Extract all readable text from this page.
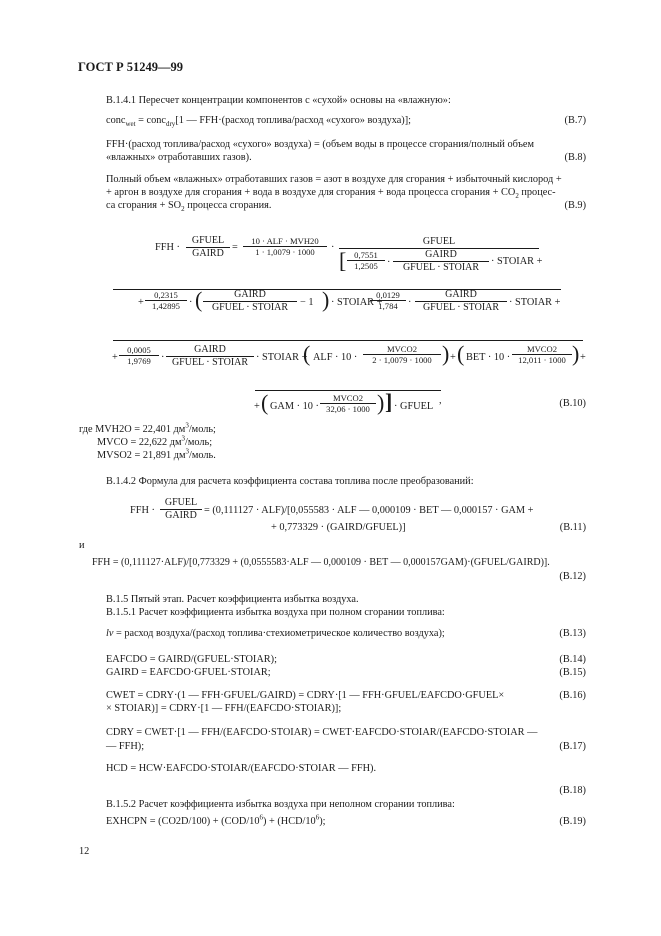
ГОСТ Р 51249—99
В.1.4.1 Пересчет концентрации компонентов с «сухой» основы на «влажную»:
conc$_{wet}$ = conc$_{dry}$[1 — FFH·(расход топлива/расход «сухого» воздуха)];	(В.7)
FFH·(расход топлива/расход «сухого» воздуха) = (объем воды в процессе сгорания/полный объем
«влажных» отработавших газов).	(В.8)
Полный объем «влажных» отработавших газов = азот в воздухе для сгорания + избыточный кислород +
+ аргон в воздухе для сгорания + вода в воздухе для сгорания + вода процесса сгорания + $CO_2$ процес-
са сгорания + $SO_2$ процесса сгорания.	(В.9)
FFH ·
GFUEL
GAIRD
=
10 · ALF · MVH20
1 · 1,0079 · 1000	·
GFUEL
[ $\frac{0,7551}{1,2505}$ ·
GAIRD
GFUEL · STOIAR
· STOIAR +
+ $\frac{0,2315}{1,42895}$ · (	GAIRD
GFUEL · STOIAR	− 1 ) · STOIAR +
$\frac{0,0129}{1,784}$ ·
GAIRD
GFUEL · STOIAR · STOIAR +
+ $\frac{0,0005}{1,9769}$ ·
GAIRD
GFUEL · STOIAR · STOIAR +
( ALF · 10 ·
MVCO2
2 · 1,0079 · 1000 ) + ( BET · 10 ·
MVCO2
12,011 · 1000 ) +
+ ( GAM · 10 ·
MVCO2
32,06 · 1000 ) ] · GFUEL
,	(В.10)
где MVH2O = 22,401 $дм^3$/моль;
MVCO = 22,622 $дм^3$/моль;
MVSO2 = 21,891 $дм^3$/моль.
В.1.4.2 Формула для расчета коэффициента состава топлива после преобразований:
FFH ·
GFUEL
GAIRD = (0,111127 · ALF)/[0,055583 · ALF — 0,000109 · BET — 0,000157 · GAM +
+ 0,773329 · (GAIRD/GFUEL)]	(В.11)
и
FFH = (0,111127·ALF)/[0,773329 + (0,0555583·ALF — 0,000109 · BET — 0,000157GAM)·(GFUEL/GAIRD)].
(В.12)
В.1.5 Пятый этап. Расчет коэффициента избытка воздуха.
В.1.5.1 Расчет коэффициента избытка воздуха при полном сгорании топлива:
lv = расход воздуха/(расход топлива·стехиометрическое количество воздуха);	(В.13)
EAFCDO = GAIRD/(GFUEL·STOIAR);	(В.14)
GAIRD = EAFCDO·GFUEL·STOIAR;	(В.15)
CWET = CDRY·(1 — FFH·GFUEL/GAIRD) = CDRY·[1 — FFH·GFUEL/EAFCDO·GFUEL×	(В.16)
× STOIAR)] = CDRY·[1 — FFH/(EAFCDO·STOIAR)];
CDRY = CWET·[1 — FFH/(EAFCDO·STOIAR) = CWET·EAFCDO·STOIAR/(EAFCDO·STOIAR —
— FFH);	(В.17)
HCD = HCW·EAFCDO·STOIAR/(EAFCDO·STOIAR — FFH).
(В.18)
В.1.5.2 Расчет коэффициента избытка воздуха при неполном сгорании топлива:
EXHCPN = $(CO2D/100) + (COD/10^6) + (HCD/10^6)$;	(В.19)
12
